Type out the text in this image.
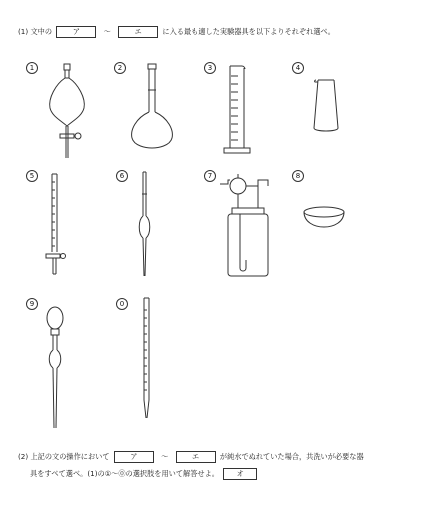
(1) 文中の	ア	～	エ	に入る最も適した実験器具を以下よりそれぞれ選べ。
1	2	3	4
5	6	7	8
9	0
(2) 上記の文の操作において	ア	～	エ	が純水でぬれていた場合，共洗いが必要な器
具をすべて選べ。(1)の①～⓪の選択肢を用いて解答せよ。 オ
